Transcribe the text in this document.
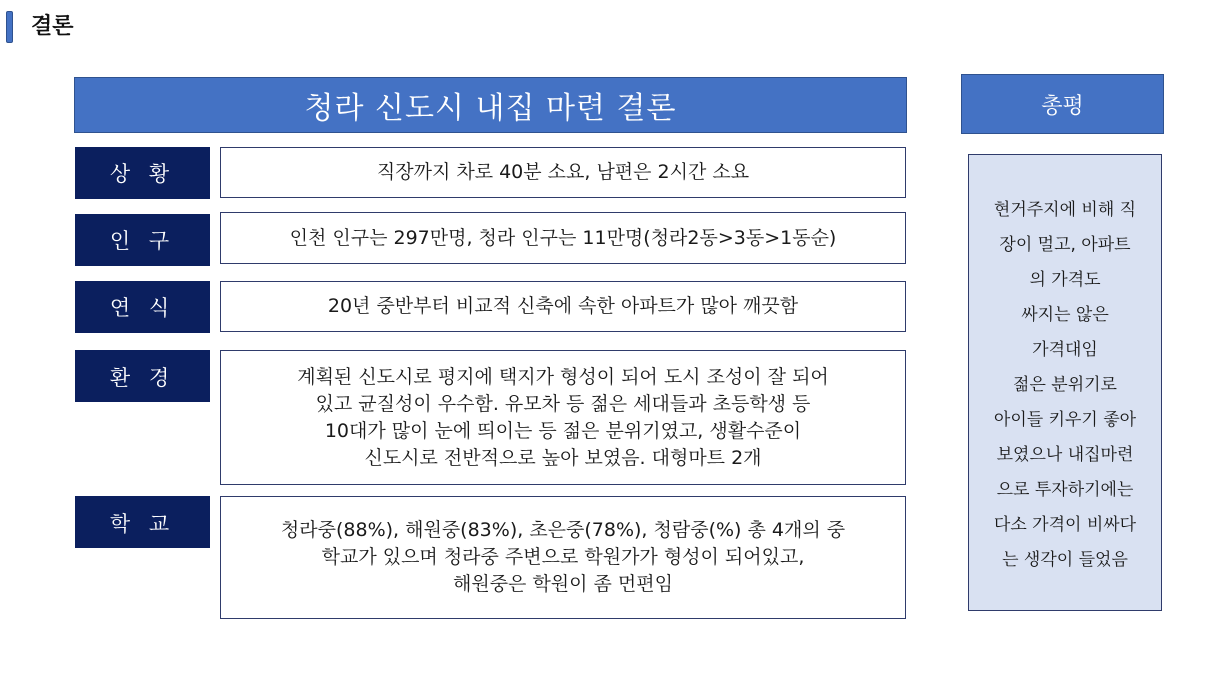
결론
청라 신도시 내집 마련 결론
상 황	직장까지 차로 40분 소요, 남편은 2시간 소요
인 구	인천 인구는 297만명, 청라 인구는 11만명(청라2동>3동>1동순)
연 식	20년 중반부터 비교적 신축에 속한 아파트가 많아 깨끗함
환 경	계획된 신도시로 평지에 택지가 형성이 되어 도시 조성이 잘 되어
있고 균질성이 우수함. 유모차 등 젊은 세대들과 초등학생 등
10대가 많이 눈에 띄이는 등 젊은 분위기였고, 생활수준이
신도시로 전반적으로 높아 보였음. 대형마트 2개
학 교	청라중(88%), 해원중(83%), 초은중(78%), 청람중(%) 총 4개의 중
학교가 있으며 청라중 주변으로 학원가가 형성이 되어있고,
해원중은 학원이 좀 먼편임
총평
현거주지에 비해 직
장이 멀고, 아파트
의 가격도
싸지는 않은
가격대임
젊은 분위기로
아이들 키우기 좋아
보였으나 내집마련
으로 투자하기에는
다소 가격이 비싸다
는 생각이 들었음
